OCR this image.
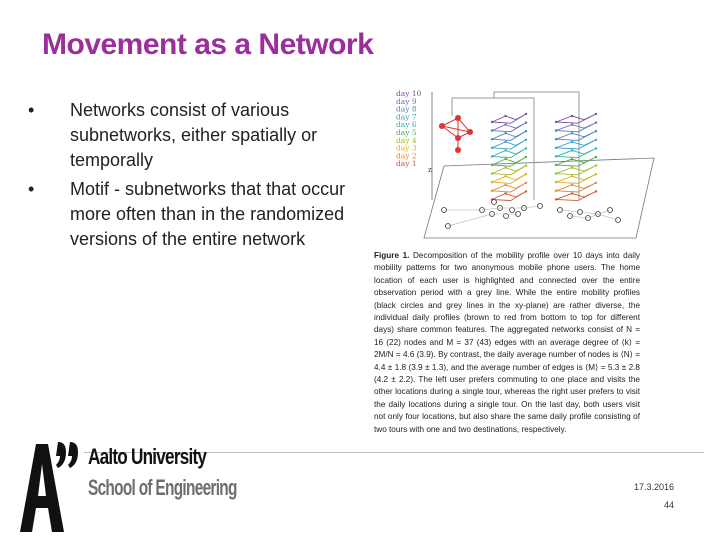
Movement as a Network
•	Networks consist of various subnetworks, either spatially or temporally
•	Motif - subnetworks that that occur more often than in the randomized versions of the entire network
z
day 10
day 9
day 8
day 7
day 6
day 5
day 4
day 3
day 2
day 1
Figure 1. Decomposition of the mobility profile over 10 days into daily mobility patterns for two anonymous mobile phone users. The home location of each user is highlighted and connected over the entire observation period with a grey line. While the entire mobility profiles (black circles and grey lines in the xy-plane) are rather diverse, the individual daily profiles (brown to red from bottom to top for different days) share common features. The aggregated networks consist of N = 16 (22) nodes and M = 37 (43) edges with an average degree of ⟨k⟩ = 2M/N = 4.6 (3.9). By contrast, the daily average number of nodes is ⟨N⟩ = 4.4 ± 1.8 (3.9 ± 1.3), and the average number of edges is ⟨M⟩ = 5.3 ± 2.8 (4.2 ± 2.2). The left user prefers commuting to one place and visits the other locations during a single tour, whereas the right user prefers to visit the daily locations during a single tour. On the last day, both users visit not only four locations, but also share the same daily profile consisting of two tours with one and two destinations, respectively.
Aalto University
School of Engineering	17.3.2016
44
